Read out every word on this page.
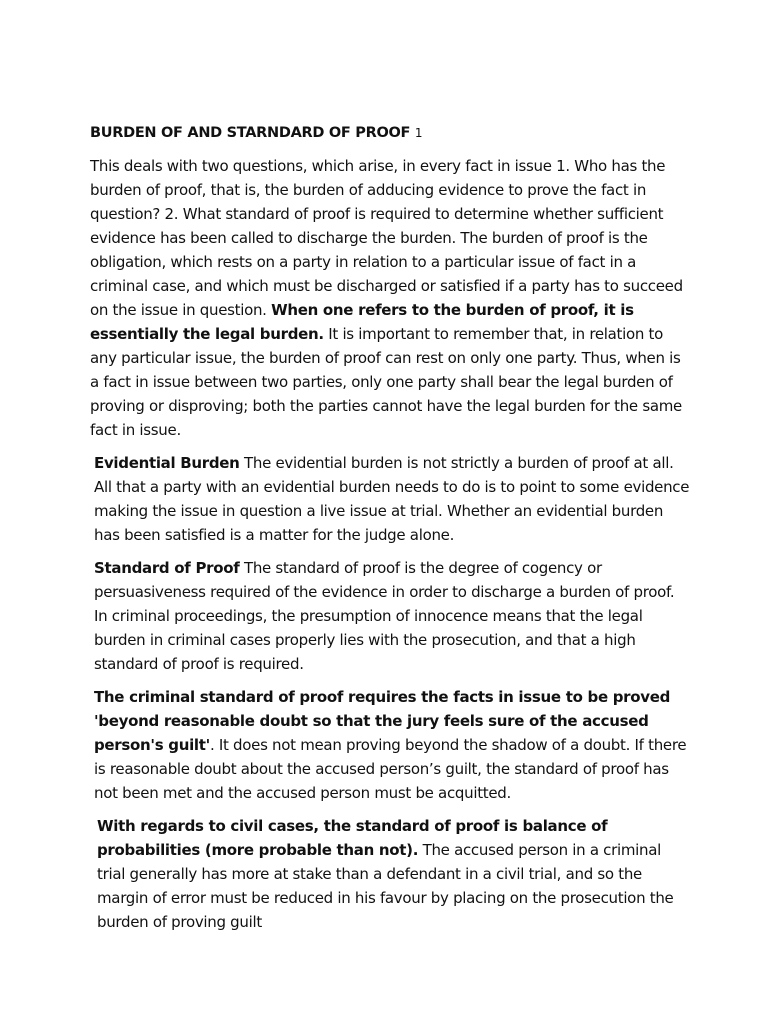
BURDEN OF AND STARNDARD OF PROOF 1

This deals with two questions, which arise, in every fact in issue 1. Who has the burden of proof, that is, the burden of adducing evidence to prove the fact in question? 2. What standard of proof is required to determine whether sufficient evidence has been called to discharge the burden. The burden of proof is the obligation, which rests on a party in relation to a particular issue of fact in a criminal case, and which must be discharged or satisfied if a party has to succeed on the issue in question. When one refers to the burden of proof, it is essentially the legal burden. It is important to remember that, in relation to any particular issue, the burden of proof can rest on only one party. Thus, when is a fact in issue between two parties, only one party shall bear the legal burden of proving or disproving; both the parties cannot have the legal burden for the same fact in issue.

Evidential Burden The evidential burden is not strictly a burden of proof at all. All that a party with an evidential burden needs to do is to point to some evidence making the issue in question a live issue at trial. Whether an evidential burden has been satisfied is a matter for the judge alone.

Standard of Proof The standard of proof is the degree of cogency or persuasiveness required of the evidence in order to discharge a burden of proof. In criminal proceedings, the presumption of innocence means that the legal burden in criminal cases properly lies with the prosecution, and that a high standard of proof is required.

The criminal standard of proof requires the facts in issue to be proved 'beyond reasonable doubt so that the jury feels sure of the accused person's guilt'. It does not mean proving beyond the shadow of a doubt. If there is reasonable doubt about the accused person’s guilt, the standard of proof has not been met and the accused person must be acquitted.

With regards to civil cases, the standard of proof is balance of probabilities (more probable than not). The accused person in a criminal trial generally has more at stake than a defendant in a civil trial, and so the margin of error must be reduced in his favour by placing on the prosecution the burden of proving guilt
